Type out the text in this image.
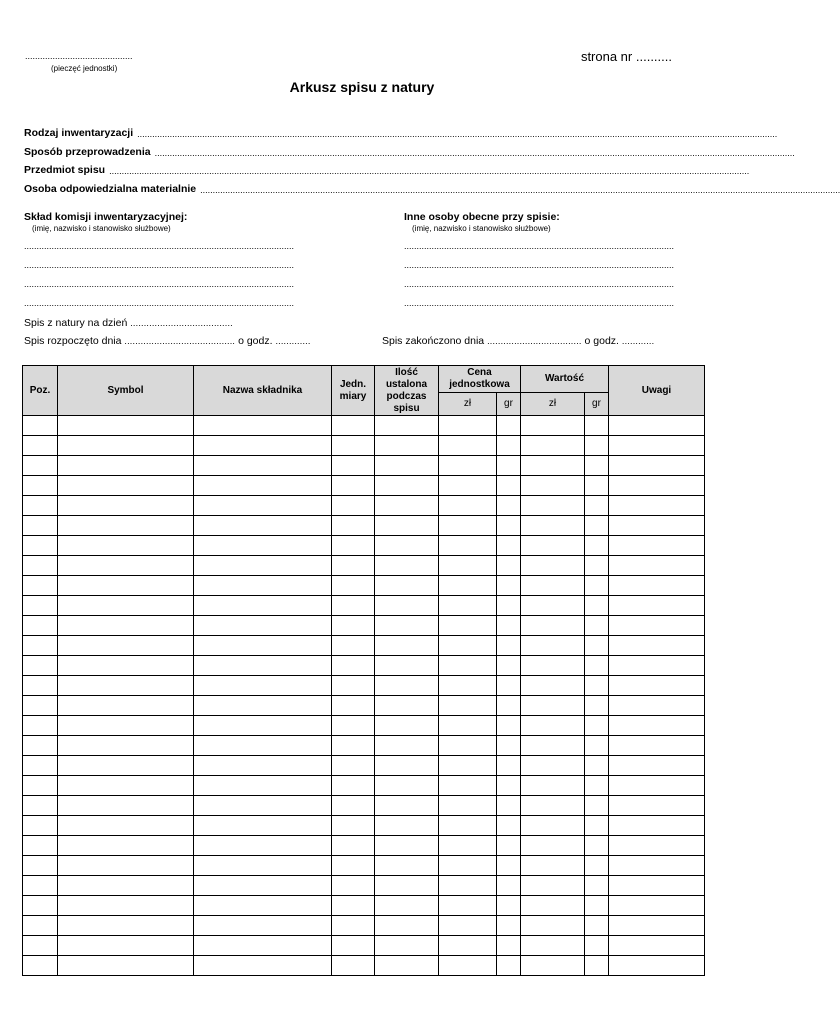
...........................................
(pieczęć jednostki)
strona nr ..........
Arkusz spisu z natury
Rodzaj inwentaryzacji ................................................................................................................................................................................................................................................................
Sposób przeprowadzenia ................................................................................................................................................................................................................................................................
Przedmiot spisu ................................................................................................................................................................................................................................................................
Osoba odpowiedzialna materialnie ................................................................................................................................................................................................................................................................
Skład komisji inwentaryzacyjnej:
(imię, nazwisko i stanowisko służbowe)
............................................................................................................
............................................................................................................
............................................................................................................
............................................................................................................
Inne osoby obecne przy spisie:
(imię, nazwisko i stanowisko służbowe)
............................................................................................................
............................................................................................................
............................................................................................................
............................................................................................................
Spis z natury na dzień ......................................
Spis rozpoczęto dnia ......................................... o godz. .............	Spis zakończono dnia ................................... o godz. ............
Poz.	Symbol	Nazwa składnika	Jedn. miary	Ilość ustalona podczas spisu	Cena jednostkowa		Wartość		Uwagi
					zł	gr	zł	gr	
